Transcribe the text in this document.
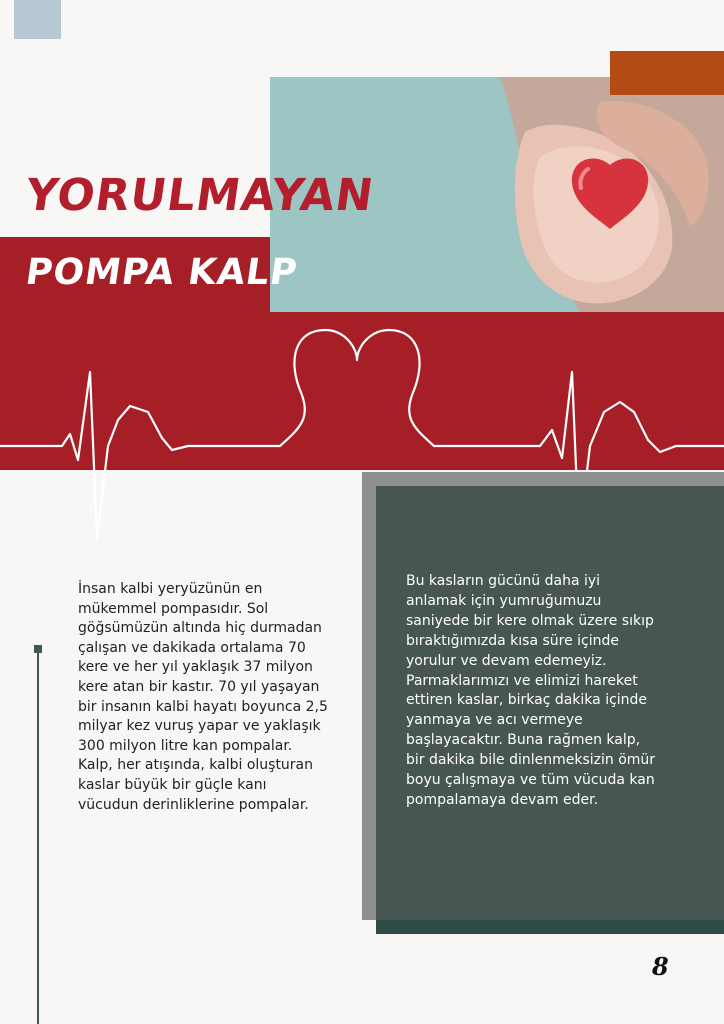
YORULMAYAN
POMPA KALP
İnsan kalbi yeryüzünün en mükemmel pompasıdır. Sol göğsümüzün altında hiç durmadan çalışan ve dakikada ortalama 70 kere ve her yıl yaklaşık 37 milyon kere atan bir kastır. 70 yıl yaşayan bir insanın kalbi hayatı boyunca 2,5 milyar kez vuruş yapar ve yaklaşık 300 milyon litre kan pompalar. Kalp, her atışında, kalbi oluşturan kaslar büyük bir güçle kanı vücudun derinliklerine pompalar.
Bu kasların gücünü daha iyi anlamak için yumruğumuzu saniyede bir kere olmak üzere sıkıp bıraktığımızda kısa süre içinde yorulur ve devam edemeyiz. Parmaklarımızı ve elimizi hareket ettiren kaslar, birkaç dakika içinde yanmaya ve acı vermeye başlayacaktır. Buna rağmen kalp, bir dakika bile dinlenmeksizin ömür boyu çalışmaya ve tüm vücuda kan pompalamaya devam eder.
8
